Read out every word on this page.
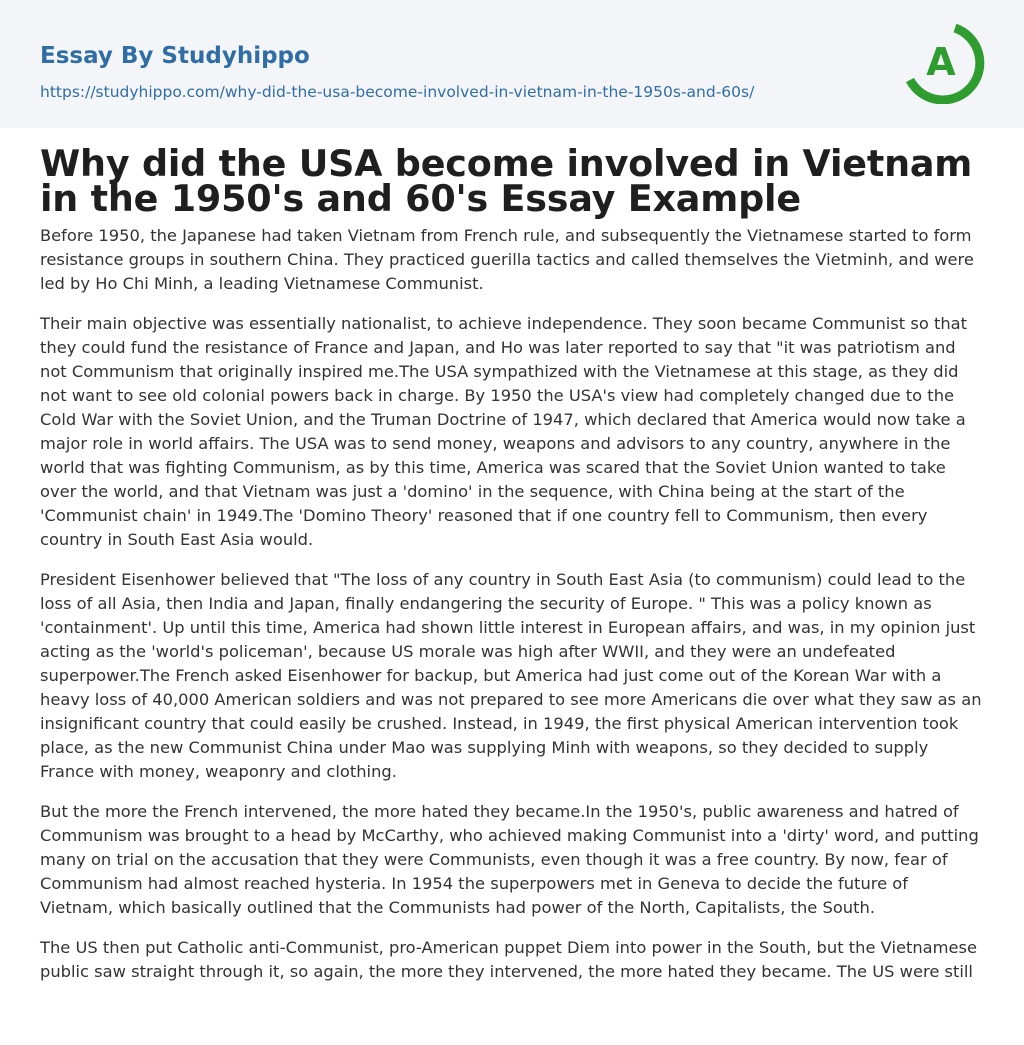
Essay By Studyhippo
https://studyhippo.com/why-did-the-usa-become-involved-in-vietnam-in-the-1950s-and-60s/
A
Why did the USA become involved in Vietnam in the 1950's and 60's Essay Example

Before 1950, the Japanese had taken Vietnam from French rule, and subsequently the Vietnamese started to form resistance groups in southern China. They practiced guerilla tactics and called themselves the Vietminh, and were led by Ho Chi Minh, a leading Vietnamese Communist.

Their main objective was essentially nationalist, to achieve independence. They soon became Communist so that they could fund the resistance of France and Japan, and Ho was later reported to say that "it was patriotism and not Communism that originally inspired me.The USA sympathized with the Vietnamese at this stage, as they did not want to see old colonial powers back in charge. By 1950 the USA's view had completely changed due to the Cold War with the Soviet Union, and the Truman Doctrine of 1947, which declared that America would now take a major role in world affairs. The USA was to send money, weapons and advisors to any country, anywhere in the world that was fighting Communism, as by this time, America was scared that the Soviet Union wanted to take over the world, and that Vietnam was just a 'domino' in the sequence, with China being at the start of the 'Communist chain' in 1949.The 'Domino Theory' reasoned that if one country fell to Communism, then every country in South East Asia would.

President Eisenhower believed that "The loss of any country in South East Asia (to communism) could lead to the loss of all Asia, then India and Japan, finally endangering the security of Europe. " This was a policy known as 'containment'. Up until this time, America had shown little interest in European affairs, and was, in my opinion just acting as the 'world's policeman', because US morale was high after WWII, and they were an undefeated superpower.The French asked Eisenhower for backup, but America had just come out of the Korean War with a heavy loss of 40,000 American soldiers and was not prepared to see more Americans die over what they saw as an insignificant country that could easily be crushed. Instead, in 1949, the first physical American intervention took place, as the new Communist China under Mao was supplying Minh with weapons, so they decided to supply France with money, weaponry and clothing.

But the more the French intervened, the more hated they became.In the 1950's, public awareness and hatred of Communism was brought to a head by McCarthy, who achieved making Communist into a 'dirty' word, and putting many on trial on the accusation that they were Communists, even though it was a free country. By now, fear of Communism had almost reached hysteria. In 1954 the superpowers met in Geneva to decide the future of Vietnam, which basically outlined that the Communists had power of the North, Capitalists, the South.

The US then put Catholic anti-Communist, pro-American puppet Diem into power in the South, but the Vietnamese public saw straight through it, so again, the more they intervened, the more hated they became. The US were still
